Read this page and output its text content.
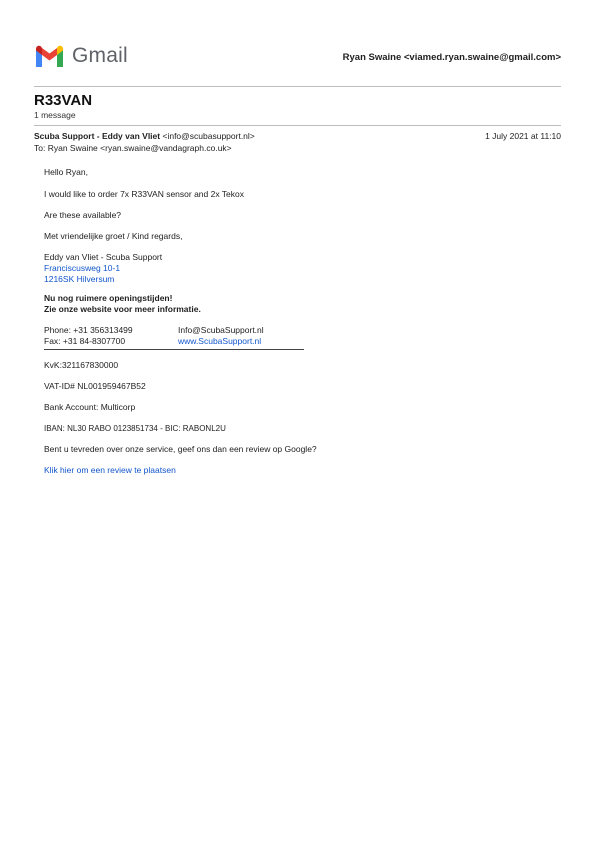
Gmail	Ryan Swaine <viamed.ryan.swaine@gmail.com>
R33VAN
1 message
Scuba Support - Eddy van Vliet <info@scubasupport.nl>	1 July 2021 at 11:10
To: Ryan Swaine <ryan.swaine@vandagraph.co.uk>

Hello Ryan,

I would like to order 7x R33VAN sensor and 2x Tekox

Are these available?

Met vriendelijke groet / Kind regards,

Eddy van Vliet - Scuba Support

Franciscusweg 10-1

1216SK Hilversum

Nu nog ruimere openingstijden!

Zie onze website voor meer informatie.

Phone: +31 356313499	Info@ScubaSupport.nl
Fax: +31 84-8307700	www.ScubaSupport.nl

KvK:321167830000

VAT-ID# NL001959467B52

Bank Account: Multicorp

IBAN: NL30 RABO 0123851734 - BIC: RABONL2U

Bent u tevreden over onze service, geef ons dan een review op Google?

Klik hier om een review te plaatsen
